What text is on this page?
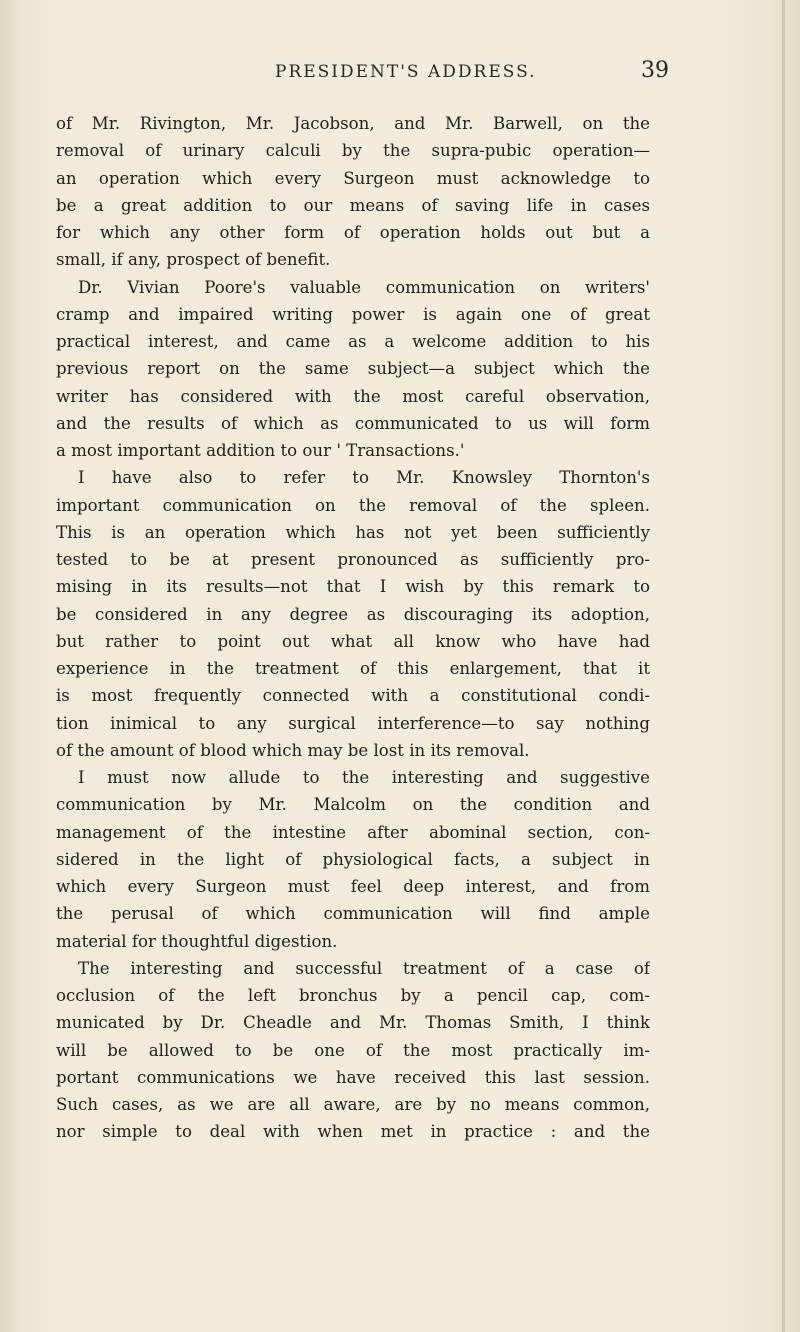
PRESIDENT'S ADDRESS.	39
of Mr. Rivington, Mr. Jacobson, and Mr. Barwell, on the
removal of urinary calculi by the supra-pubic operation—
an operation which every Surgeon must acknowledge to
be a great addition to our means of saving life in cases
for which any other form of operation holds out but a
small, if any, prospect of benefit.
Dr. Vivian Poore's valuable communication on writers'
cramp and impaired writing power is again one of great
practical interest, and came as a welcome addition to his
previous report on the same subject—a subject which the
writer has considered with the most careful observation,
and the results of which as communicated to us will form
a most important addition to our ' Transactions.'
I have also to refer to Mr. Knowsley Thornton's
important communication on the removal of the spleen.
This is an operation which has not yet been sufficiently
tested to be at present pronounced as sufficiently pro-
mising in its results—not that I wish by this remark to
be considered in any degree as discouraging its adoption,
but rather to point out what all know who have had
experience in the treatment of this enlargement, that it
is most frequently connected with a constitutional condi-
tion inimical to any surgical interference—to say nothing
of the amount of blood which may be lost in its removal.
I must now allude to the interesting and suggestive
communication by Mr. Malcolm on the condition and
management of the intestine after abominal section, con-
sidered in the light of physiological facts, a subject in
which every Surgeon must feel deep interest, and from
the perusal of which communication will find ample
material for thoughtful digestion.
The interesting and successful treatment of a case of
occlusion of the left bronchus by a pencil cap, com-
municated by Dr. Cheadle and Mr. Thomas Smith, I think
will be allowed to be one of the most practically im-
portant communications we have received this last session.
Such cases, as we are all aware, are by no means common,
nor simple to deal with when met in practice : and the
